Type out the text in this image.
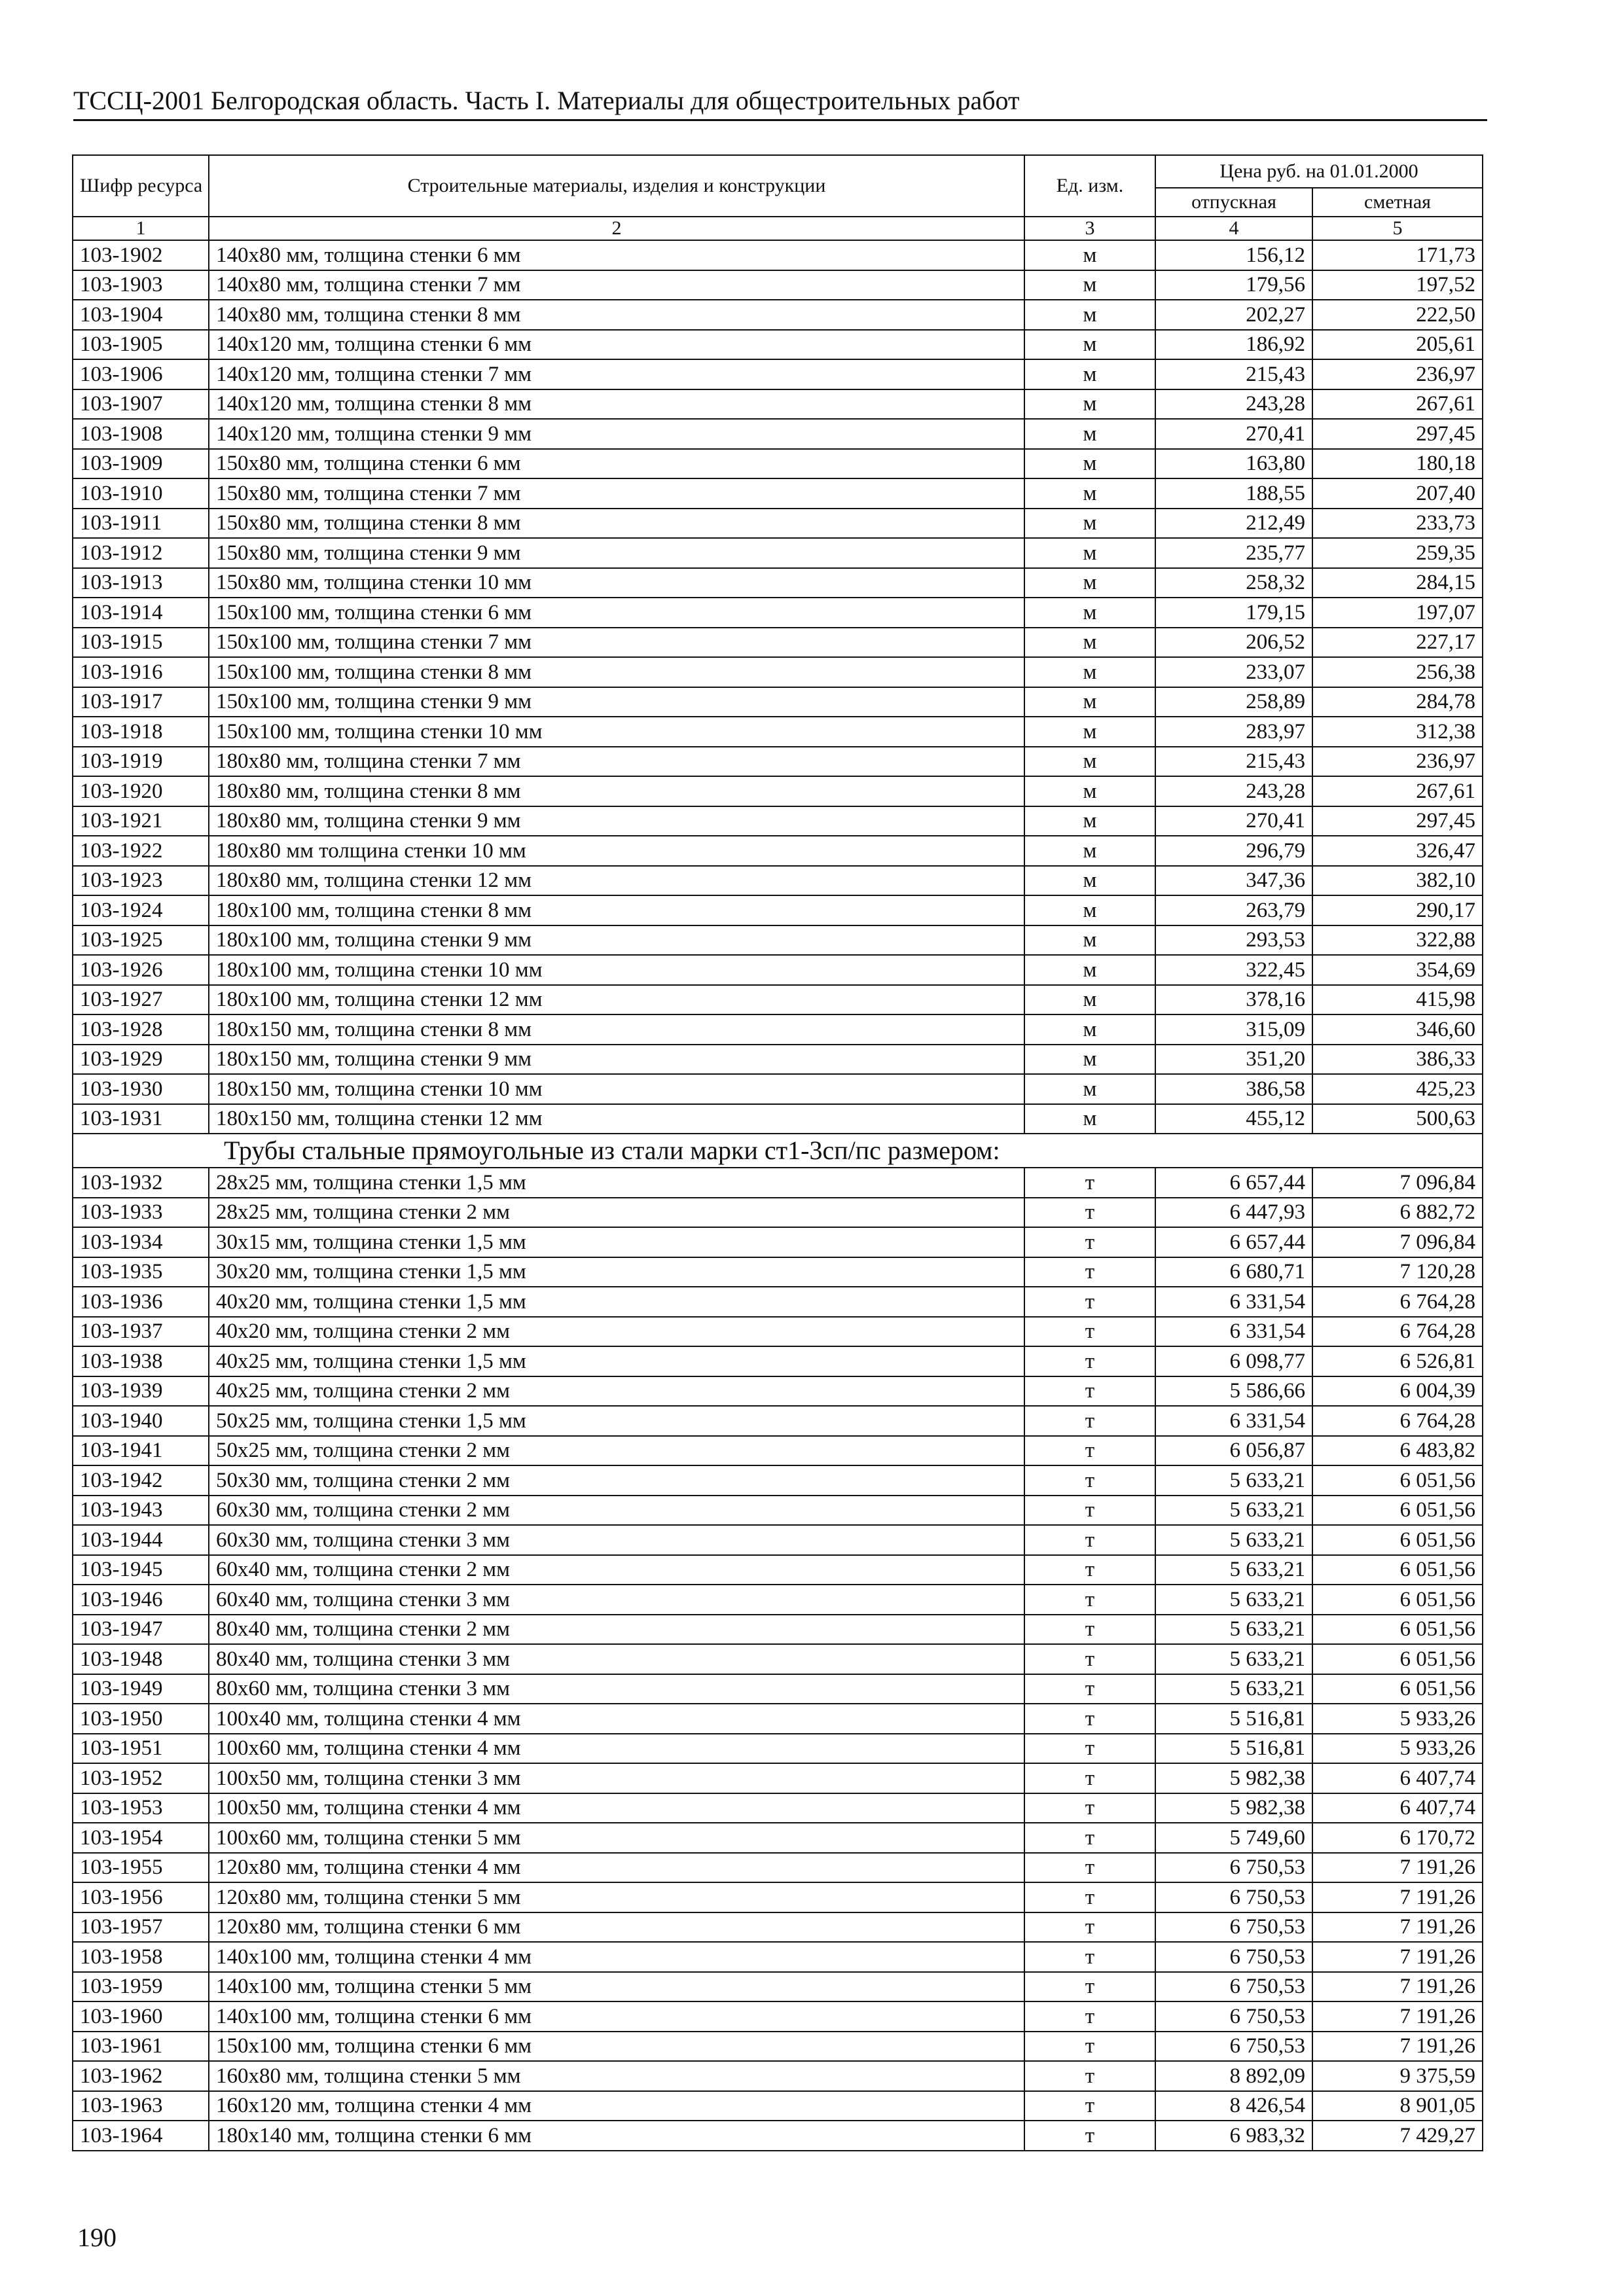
ТССЦ-2001 Белгородская область. Часть I. Материалы для общестроительных работ
Шифр ресурса	Строительные материалы, изделия и конструкции	Ед. изм.	Цена руб. на 01.01.2000	
			отпускная	сметная
1	2	3	4	5
103-1902	140х80 мм, толщина стенки 6 мм	м	156,12	171,73
103-1903	140х80 мм, толщина стенки 7 мм	м	179,56	197,52
103-1904	140х80 мм, толщина стенки 8 мм	м	202,27	222,50
103-1905	140х120 мм, толщина стенки 6 мм	м	186,92	205,61
103-1906	140х120 мм, толщина стенки 7 мм	м	215,43	236,97
103-1907	140х120 мм, толщина стенки 8 мм	м	243,28	267,61
103-1908	140х120 мм, толщина стенки 9 мм	м	270,41	297,45
103-1909	150х80 мм, толщина стенки 6 мм	м	163,80	180,18
103-1910	150х80 мм, толщина стенки 7 мм	м	188,55	207,40
103-1911	150х80 мм, толщина стенки 8 мм	м	212,49	233,73
103-1912	150х80 мм, толщина стенки 9 мм	м	235,77	259,35
103-1913	150х80 мм, толщина стенки 10 мм	м	258,32	284,15
103-1914	150х100 мм, толщина стенки 6 мм	м	179,15	197,07
103-1915	150х100 мм, толщина стенки 7 мм	м	206,52	227,17
103-1916	150х100 мм, толщина стенки 8 мм	м	233,07	256,38
103-1917	150х100 мм, толщина стенки 9 мм	м	258,89	284,78
103-1918	150х100 мм, толщина стенки 10 мм	м	283,97	312,38
103-1919	180х80 мм, толщина стенки 7 мм	м	215,43	236,97
103-1920	180х80 мм, толщина стенки 8 мм	м	243,28	267,61
103-1921	180х80 мм, толщина стенки 9 мм	м	270,41	297,45
103-1922	180х80 мм толщина стенки 10 мм	м	296,79	326,47
103-1923	180х80 мм, толщина стенки 12 мм	м	347,36	382,10
103-1924	180х100 мм, толщина стенки 8 мм	м	263,79	290,17
103-1925	180х100 мм, толщина стенки 9 мм	м	293,53	322,88
103-1926	180х100 мм, толщина стенки 10 мм	м	322,45	354,69
103-1927	180х100 мм, толщина стенки 12 мм	м	378,16	415,98
103-1928	180х150 мм, толщина стенки 8 мм	м	315,09	346,60
103-1929	180х150 мм, толщина стенки 9 мм	м	351,20	386,33
103-1930	180х150 мм, толщина стенки 10 мм	м	386,58	425,23
103-1931	180х150 мм, толщина стенки 12 мм	м	455,12	500,63
Трубы стальные прямоугольные из стали марки ст1-3сп/пс размером:				
103-1932	28х25 мм, толщина стенки 1,5 мм	т	6 657,44	7 096,84
103-1933	28х25 мм, толщина стенки 2 мм	т	6 447,93	6 882,72
103-1934	30х15 мм, толщина стенки 1,5 мм	т	6 657,44	7 096,84
103-1935	30х20 мм, толщина стенки 1,5 мм	т	6 680,71	7 120,28
103-1936	40х20 мм, толщина стенки 1,5 мм	т	6 331,54	6 764,28
103-1937	40х20 мм, толщина стенки 2 мм	т	6 331,54	6 764,28
103-1938	40х25 мм, толщина стенки 1,5 мм	т	6 098,77	6 526,81
103-1939	40х25 мм, толщина стенки 2 мм	т	5 586,66	6 004,39
103-1940	50х25 мм, толщина стенки 1,5 мм	т	6 331,54	6 764,28
103-1941	50х25 мм, толщина стенки 2 мм	т	6 056,87	6 483,82
103-1942	50х30 мм, толщина стенки 2 мм	т	5 633,21	6 051,56
103-1943	60х30 мм, толщина стенки 2 мм	т	5 633,21	6 051,56
103-1944	60х30 мм, толщина стенки 3 мм	т	5 633,21	6 051,56
103-1945	60х40 мм, толщина стенки 2 мм	т	5 633,21	6 051,56
103-1946	60х40 мм, толщина стенки 3 мм	т	5 633,21	6 051,56
103-1947	80х40 мм, толщина стенки 2 мм	т	5 633,21	6 051,56
103-1948	80х40 мм, толщина стенки 3 мм	т	5 633,21	6 051,56
103-1949	80х60 мм, толщина стенки 3 мм	т	5 633,21	6 051,56
103-1950	100х40 мм, толщина стенки 4 мм	т	5 516,81	5 933,26
103-1951	100х60 мм, толщина стенки 4 мм	т	5 516,81	5 933,26
103-1952	100х50 мм, толщина стенки 3 мм	т	5 982,38	6 407,74
103-1953	100х50 мм, толщина стенки 4 мм	т	5 982,38	6 407,74
103-1954	100х60 мм, толщина стенки 5 мм	т	5 749,60	6 170,72
103-1955	120х80 мм, толщина стенки 4 мм	т	6 750,53	7 191,26
103-1956	120х80 мм, толщина стенки 5 мм	т	6 750,53	7 191,26
103-1957	120х80 мм, толщина стенки 6 мм	т	6 750,53	7 191,26
103-1958	140х100 мм, толщина стенки 4 мм	т	6 750,53	7 191,26
103-1959	140х100 мм, толщина стенки 5 мм	т	6 750,53	7 191,26
103-1960	140х100 мм, толщина стенки 6 мм	т	6 750,53	7 191,26
103-1961	150х100 мм, толщина стенки 6 мм	т	6 750,53	7 191,26
103-1962	160х80 мм, толщина стенки 5 мм	т	8 892,09	9 375,59
103-1963	160х120 мм, толщина стенки 4 мм	т	8 426,54	8 901,05
103-1964	180х140 мм, толщина стенки 6 мм	т	6 983,32	7 429,27
190
